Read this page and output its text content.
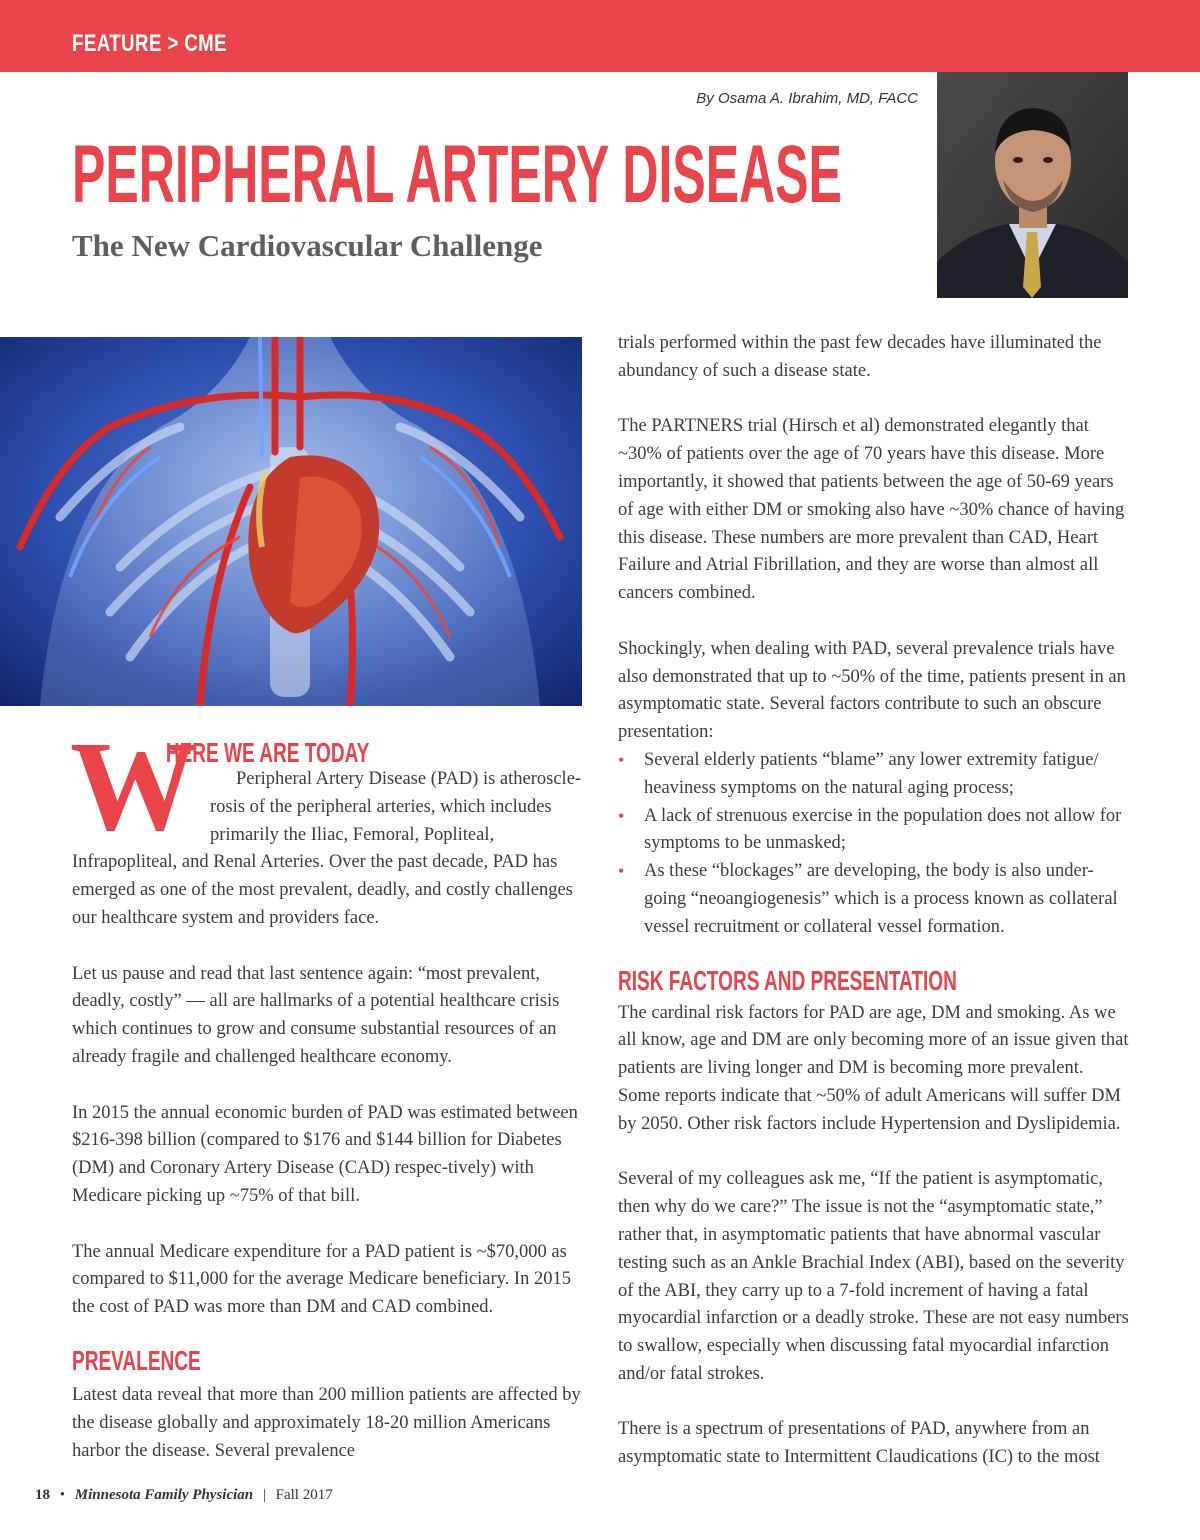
FEATURE > CME
By Osama A. Ibrahim, MD, FACC
PERIPHERAL ARTERY DISEASE
The New Cardiovascular Challenge
W
HERE WE ARE TODAY

Peripheral Artery Disease (PAD) is atheroscle-rosis of the peripheral arteries, which includes primarily the Iliac, Femoral, Popliteal, Infrapopliteal, and Renal Arteries. Over the past decade, PAD has emerged as one of the most prevalent, deadly, and costly challenges our healthcare system and providers face.

Let us pause and read that last sentence again: “most prevalent, deadly, costly” — all are hallmarks of a potential healthcare crisis which continues to grow and consume substantial resources of an already fragile and challenged healthcare economy.

In 2015 the annual economic burden of PAD was estimated between $216-398 billion (compared to $176 and $144 billion for Diabetes (DM) and Coronary Artery Disease (CAD) respec-tively) with Medicare picking up ~75% of that bill.

The annual Medicare expenditure for a PAD patient is ~$70,000 as compared to $11,000 for the average Medicare beneficiary. In 2015 the cost of PAD was more than DM and CAD combined.

PREVALENCE

Latest data reveal that more than 200 million patients are affected by the disease globally and approximately 18-20 million Americans harbor the disease. Several prevalence

trials performed within the past few decades have illuminated the abundancy of such a disease state.

The PARTNERS trial (Hirsch et al) demonstrated elegantly that ~30% of patients over the age of 70 years have this disease. More importantly, it showed that patients between the age of 50-69 years of age with either DM or smoking also have ~30% chance of having this disease. These numbers are more prevalent than CAD, Heart Failure and Atrial Fibrillation, and they are worse than almost all cancers combined.

Shockingly, when dealing with PAD, several prevalence trials have also demonstrated that up to ~50% of the time, patients present in an asymptomatic state. Several factors contribute to such an obscure presentation:

• Several elderly patients “blame” any lower extremity fatigue/ heaviness symptoms on the natural aging process;
• A lack of strenuous exercise in the population does not allow for symptoms to be unmasked;
• As these “blockages” are developing, the body is also under-going “neoangiogenesis” which is a process known as collateral vessel recruitment or collateral vessel formation.
RISK FACTORS AND PRESENTATION

The cardinal risk factors for PAD are age, DM and smoking. As we all know, age and DM are only becoming more of an issue given that patients are living longer and DM is becoming more prevalent. Some reports indicate that ~50% of adult Americans will suffer DM by 2050. Other risk factors include Hypertension and Dyslipidemia.

Several of my colleagues ask me, “If the patient is asymptomatic, then why do we care?” The issue is not the “asymptomatic state,” rather that, in asymptomatic patients that have abnormal vascular testing such as an Ankle Brachial Index (ABI), based on the severity of the ABI, they carry up to a 7-fold increment of having a fatal myocardial infarction or a deadly stroke. These are not easy numbers to swallow, especially when discussing fatal myocardial infarction and/or fatal strokes.

There is a spectrum of presentations of PAD, anywhere from an asymptomatic state to Intermittent Claudications (IC) to the most

18 • Minnesota Family Physician | Fall 2017
